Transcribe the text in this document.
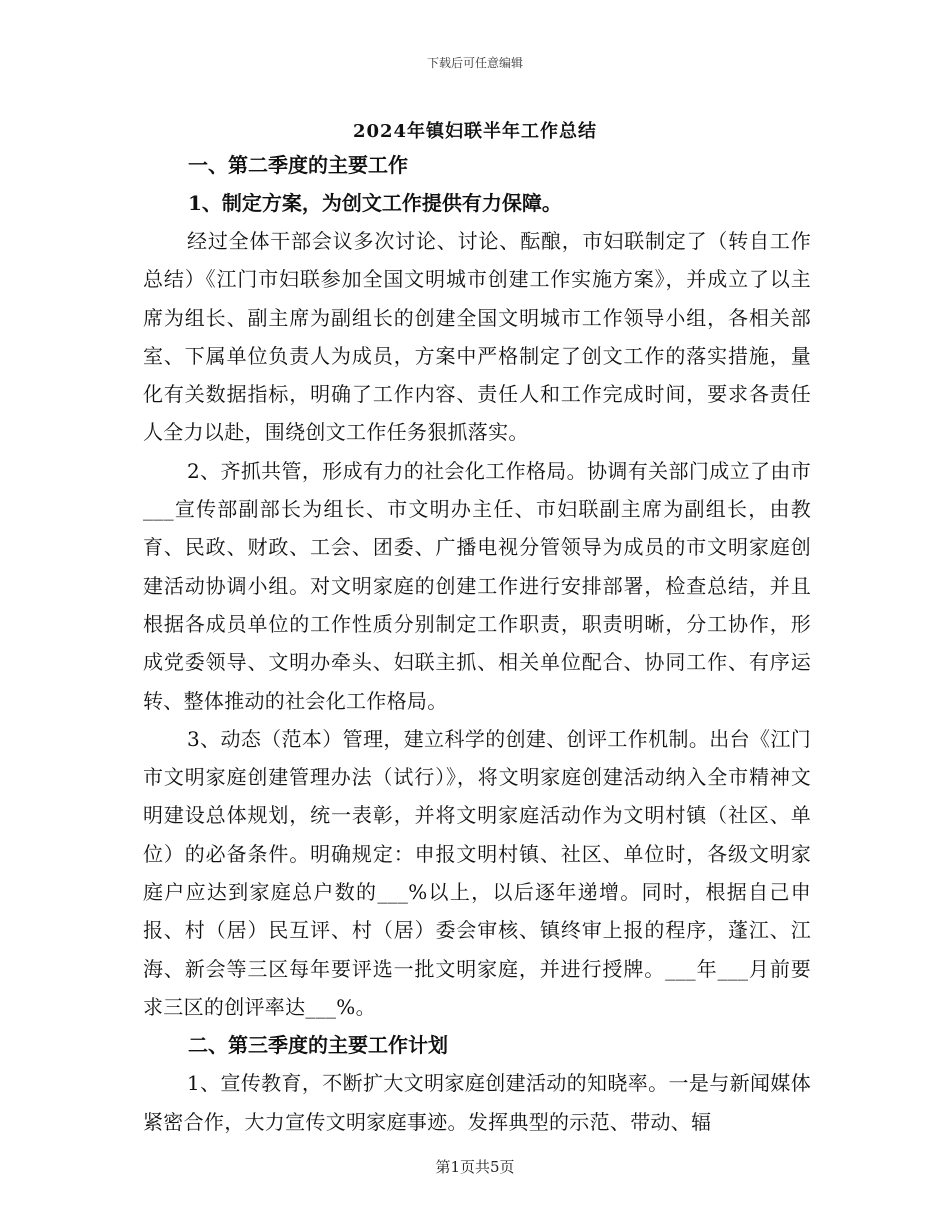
下载后可任意编辑
2024年镇妇联半年工作总结

一、第二季度的主要工作

1、制定方案，为创文工作提供有力保障。

经过全体干部会议多次讨论、讨论、酝酿，市妇联制定了（转自工作总结）《江门市妇联参加全国文明城市创建工作实施方案》，并成立了以主席为组长、副主席为副组长的创建全国文明城市工作领导小组，各相关部室、下属单位负责人为成员，方案中严格制定了创文工作的落实措施，量化有关数据指标，明确了工作内容、责任人和工作完成时间，要求各责任人全力以赴，围绕创文工作任务狠抓落实。

2、齐抓共管，形成有力的社会化工作格局。协调有关部门成立了由市___宣传部副部长为组长、市文明办主任、市妇联副主席为副组长，由教育、民政、财政、工会、团委、广播电视分管领导为成员的市文明家庭创建活动协调小组。对文明家庭的创建工作进行安排部署，检查总结，并且根据各成员单位的工作性质分别制定工作职责，职责明晰，分工协作，形成党委领导、文明办牵头、妇联主抓、相关单位配合、协同工作、有序运转、整体推动的社会化工作格局。

3、动态（范本）管理，建立科学的创建、创评工作机制。出台《江门市文明家庭创建管理办法（试行）》，将文明家庭创建活动纳入全市精神文明建设总体规划，统一表彰，并将文明家庭活动作为文明村镇（社区、单位）的必备条件。明确规定：申报文明村镇、社区、单位时，各级文明家庭户应达到家庭总户数的___%以上，以后逐年递增。同时，根据自己申报、村（居）民互评、村（居）委会审核、镇终审上报的程序，蓬江、江海、新会等三区每年要评选一批文明家庭，并进行授牌。___年___月前要求三区的创评率达___%。

二、第三季度的主要工作计划

1、宣传教育，不断扩大文明家庭创建活动的知晓率。一是与新闻媒体紧密合作，大力宣传文明家庭事迹。发挥典型的示范、带动、辐

第1页共5页
